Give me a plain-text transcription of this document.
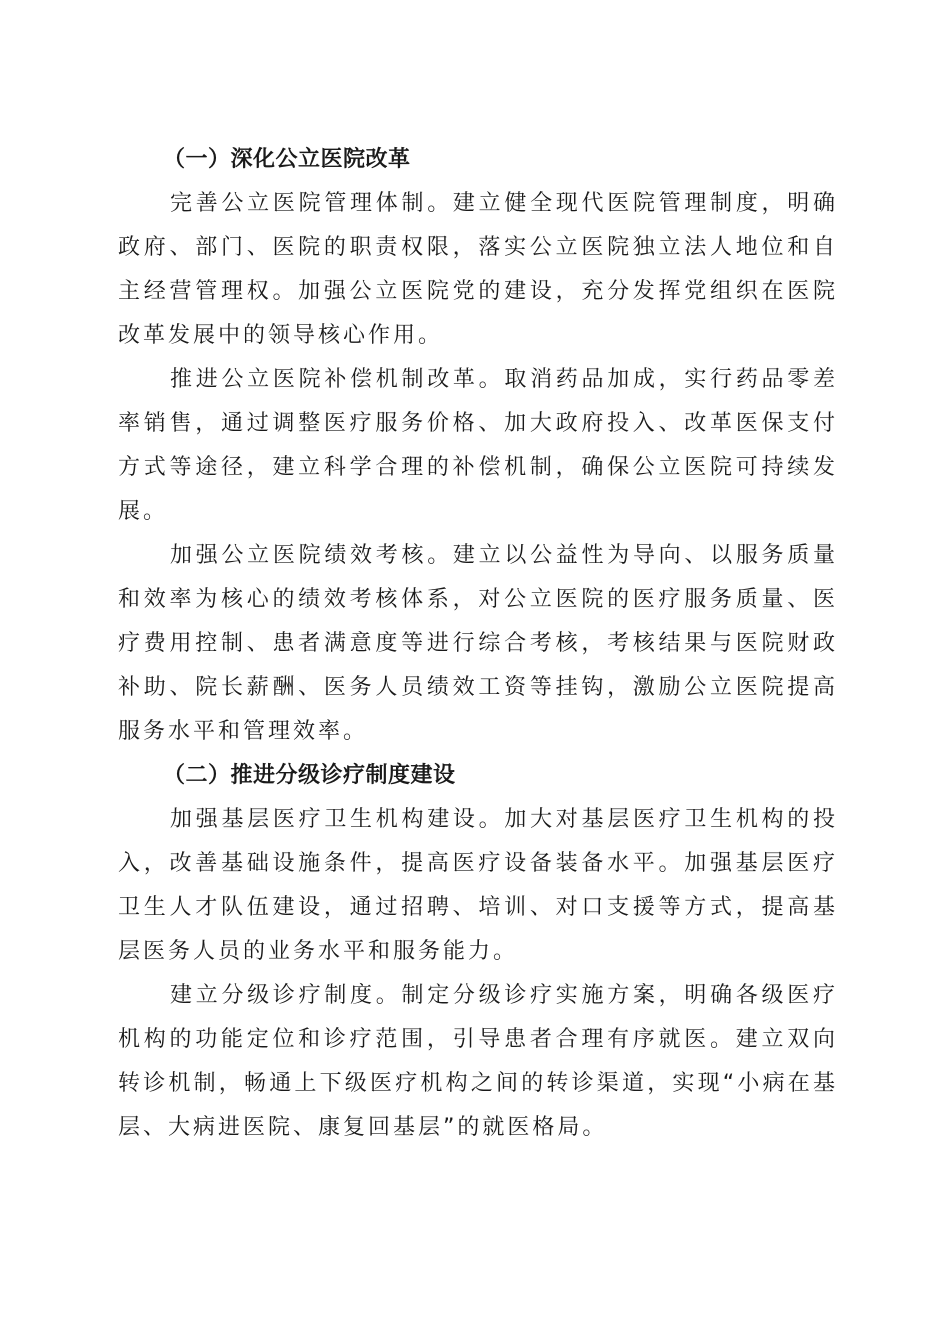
（一）深化公立医院改革

完善公立医院管理体制。建立健全现代医院管理制度，明确政府、部门、医院的职责权限，落实公立医院独立法人地位和自主经营管理权。加强公立医院党的建设，充分发挥党组织在医院改革发展中的领导核心作用。

推进公立医院补偿机制改革。取消药品加成，实行药品零差率销售，通过调整医疗服务价格、加大政府投入、改革医保支付方式等途径，建立科学合理的补偿机制，确保公立医院可持续发展。

加强公立医院绩效考核。建立以公益性为导向、以服务质量和效率为核心的绩效考核体系，对公立医院的医疗服务质量、医疗费用控制、患者满意度等进行综合考核，考核结果与医院财政补助、院长薪酬、医务人员绩效工资等挂钩，激励公立医院提高服务水平和管理效率。

（二）推进分级诊疗制度建设

加强基层医疗卫生机构建设。加大对基层医疗卫生机构的投入，改善基础设施条件，提高医疗设备装备水平。加强基层医疗卫生人才队伍建设，通过招聘、培训、对口支援等方式，提高基层医务人员的业务水平和服务能力。

建立分级诊疗制度。制定分级诊疗实施方案，明确各级医疗机构的功能定位和诊疗范围，引导患者合理有序就医。建立双向转诊机制，畅通上下级医疗机构之间的转诊渠道，实现“小病在基层、大病进医院、康复回基层”的就医格局。
